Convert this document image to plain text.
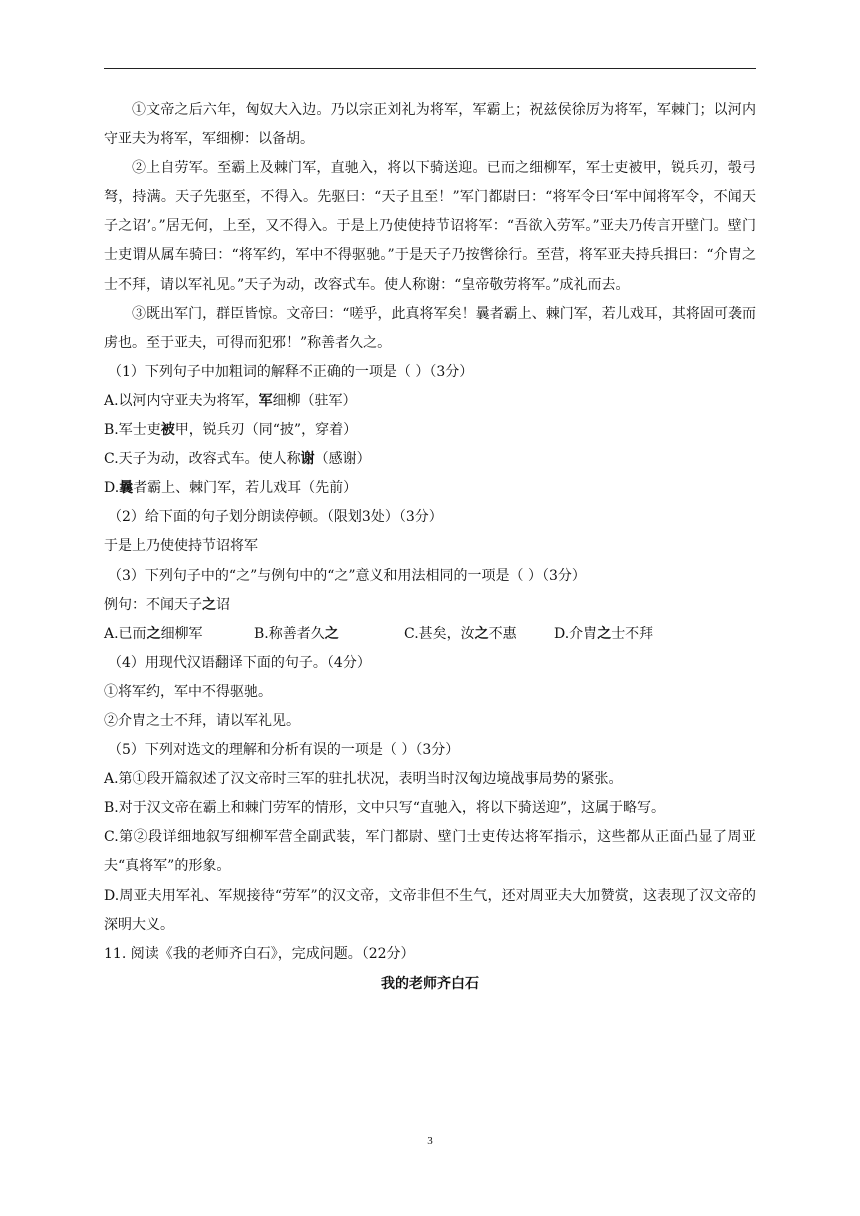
①文帝之后六年，匈奴大入边。乃以宗正刘礼为将军，军霸上；祝兹侯徐厉为将军，军棘门；以河内守亚夫为将军，军细柳：以备胡。

②上自劳军。至霸上及棘门军，直驰入，将以下骑送迎。已而之细柳军，军士吏被甲，锐兵刃，彀弓弩，持满。天子先驱至，不得入。先驱曰：“天子且至！”军门都尉曰：“将军令曰‘军中闻将军令，不闻天子之诏’。”居无何，上至，又不得入。于是上乃使使持节诏将军：“吾欲入劳军。”亚夫乃传言开壁门。壁门士吏谓从属车骑曰：“将军约，军中不得驱驰。”于是天子乃按辔徐行。至营，将军亚夫持兵揖曰：“介胄之士不拜，请以军礼见。”天子为动，改容式车。使人称谢：“皇帝敬劳将军。”成礼而去。

③既出军门，群臣皆惊。文帝曰：“嗟乎，此真将军矣！曩者霸上、棘门军，若儿戏耳，其将固可袭而虏也。至于亚夫，可得而犯邪！”称善者久之。

（1）下列句子中加粗词的解释不正确的一项是（ ）（3分）

A.以河内守亚夫为将军，军细柳（驻军）

B.军士吏被甲，锐兵刃（同“披”，穿着）

C.天子为动，改容式车。使人称谢（感谢）

D.曩者霸上、棘门军，若儿戏耳（先前）

（2）给下面的句子划分朗读停顿。（限划3处）（3分）

于是上乃使使持节诏将军

（3）下列句子中的“之”与例句中的“之”意义和用法相同的一项是（ ）（3分）

例句：不闻天子之诏

A.已而之细柳军	B.称善者久之	C.甚矣，汝之不惠	D.介胄之士不拜

（4）用现代汉语翻译下面的句子。（4分）

①将军约，军中不得驱驰。

②介胄之士不拜，请以军礼见。

（5）下列对选文的理解和分析有误的一项是（ ）（3分）

A.第①段开篇叙述了汉文帝时三军的驻扎状况，表明当时汉匈边境战事局势的紧张。

B.对于汉文帝在霸上和棘门劳军的情形，文中只写“直驰入，将以下骑送迎”，这属于略写。

C.第②段详细地叙写细柳军营全副武装，军门都尉、壁门士吏传达将军指示，这些都从正面凸显了周亚夫“真将军”的形象。

D.周亚夫用军礼、军规接待“劳军”的汉文帝，文帝非但不生气，还对周亚夫大加赞赏，这表现了汉文帝的深明大义。

11. 阅读《我的老师齐白石》，完成问题。（22分）

我的老师齐白石

3
